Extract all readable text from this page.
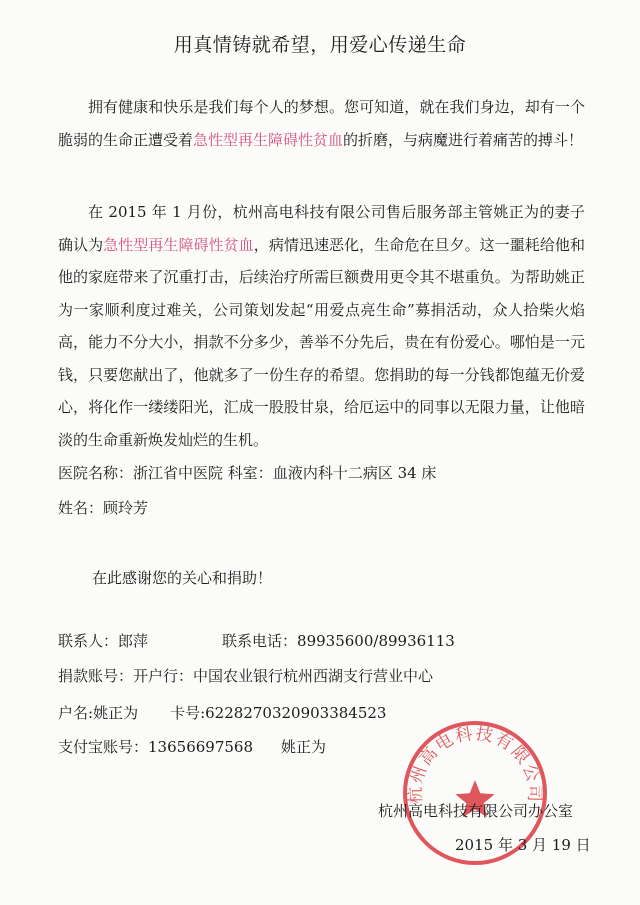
用真情铸就希望，用爱心传递生命

拥有健康和快乐是我们每个人的梦想。您可知道，就在我们身边，却有一个脆弱的生命正遭受着急性型再生障碍性贫血的折磨，与病魔进行着痛苦的搏斗！

在 2015 年 1 月份，杭州高电科技有限公司售后服务部主管姚正为的妻子确认为急性型再生障碍性贫血，病情迅速恶化，生命危在旦夕。这一噩耗给他和他的家庭带来了沉重打击，后续治疗所需巨额费用更令其不堪重负。为帮助姚正为一家顺利度过难关，公司策划发起“用爱点亮生命”募捐活动，众人拾柴火焰高，能力不分大小，捐款不分多少，善举不分先后，贵在有份爱心。哪怕是一元钱，只要您献出了，他就多了一份生存的希望。您捐助的每一分钱都饱蕴无价爱心，将化作一缕缕阳光，汇成一股股甘泉，给厄运中的同事以无限力量，让他暗淡的生命重新焕发灿烂的生机。

医院名称：浙江省中医院 科室：血液内科十二病区 34 床
姓名：顾玲芳
在此感谢您的关心和捐助！
联系人：郎萍	联系电话：89935600/89936113
捐款账号：开户行：中国农业银行杭州西湖支行营业中心
户名:姚正为 卡号:6228270320903384523
支付宝账号：13656697568 姚正为
杭州高电科技有限公司
杭州高电科技有限公司办公室
2015 年 3 月 19 日
